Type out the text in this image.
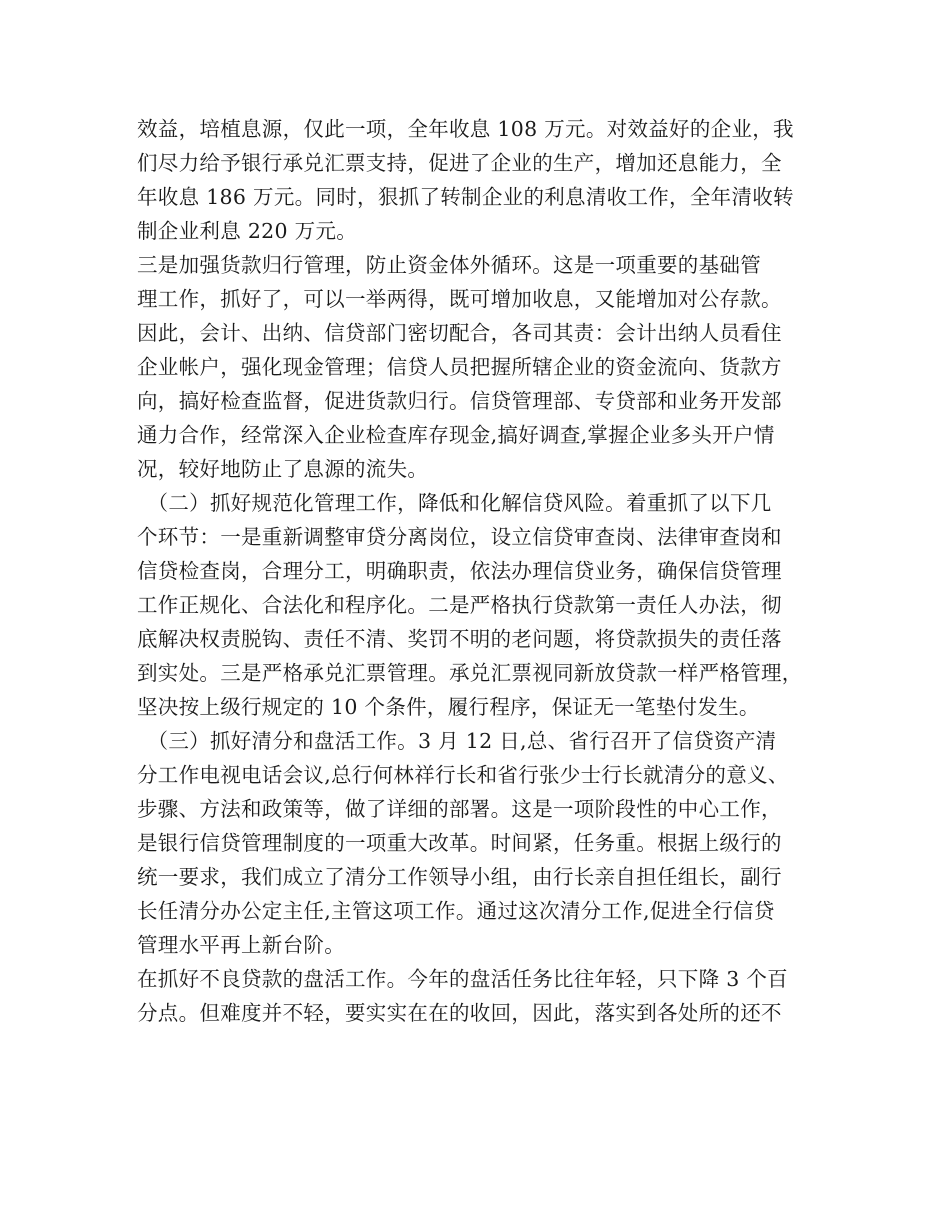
效益，培植息源，仅此一项，全年收息 108 万元。对效益好的企业，我
们尽力给予银行承兑汇票支持，促进了企业的生产，增加还息能力，全
年收息 186 万元。同时，狠抓了转制企业的利息清收工作，全年清收转
制企业利息 220 万元。
三是加强货款归行管理，防止资金体外循环。这是一项重要的基础管
理工作，抓好了，可以一举两得，既可增加收息，又能增加对公存款。
因此，会计、出纳、信贷部门密切配合，各司其责：会计出纳人员看住
企业帐户，强化现金管理；信贷人员把握所辖企业的资金流向、货款方
向，搞好检查监督，促进货款归行。信贷管理部、专贷部和业务开发部
通力合作，经常深入企业检查库存现金,搞好调查,掌握企业多头开户情
况，较好地防止了息源的流失。
　（二）抓好规范化管理工作，降低和化解信贷风险。着重抓了以下几
个环节：一是重新调整审贷分离岗位，设立信贷审查岗、法律审查岗和
信贷检查岗，合理分工，明确职责，依法办理信贷业务，确保信贷管理
工作正规化、合法化和程序化。二是严格执行贷款第一责任人办法，彻
底解决权责脱钩、责任不清、奖罚不明的老问题，将贷款损失的责任落
到实处。三是严格承兑汇票管理。承兑汇票视同新放贷款一样严格管理，
坚决按上级行规定的 10 个条件，履行程序，保证无一笔垫付发生。
　（三）抓好清分和盘活工作。3 月 12 日,总、省行召开了信贷资产清
分工作电视电话会议,总行何林祥行长和省行张少士行长就清分的意义、
步骤、方法和政策等，做了详细的部署。这是一项阶段性的中心工作，
是银行信贷管理制度的一项重大改革。时间紧，任务重。根据上级行的
统一要求，我们成立了清分工作领导小组，由行长亲自担任组长，副行
长任清分办公定主任,主管这项工作。通过这次清分工作,促进全行信贷
管理水平再上新台阶。
在抓好不良贷款的盘活工作。今年的盘活任务比往年轻，只下降 3 个百
分点。但难度并不轻，要实实在在的收回，因此，落实到各处所的还不
